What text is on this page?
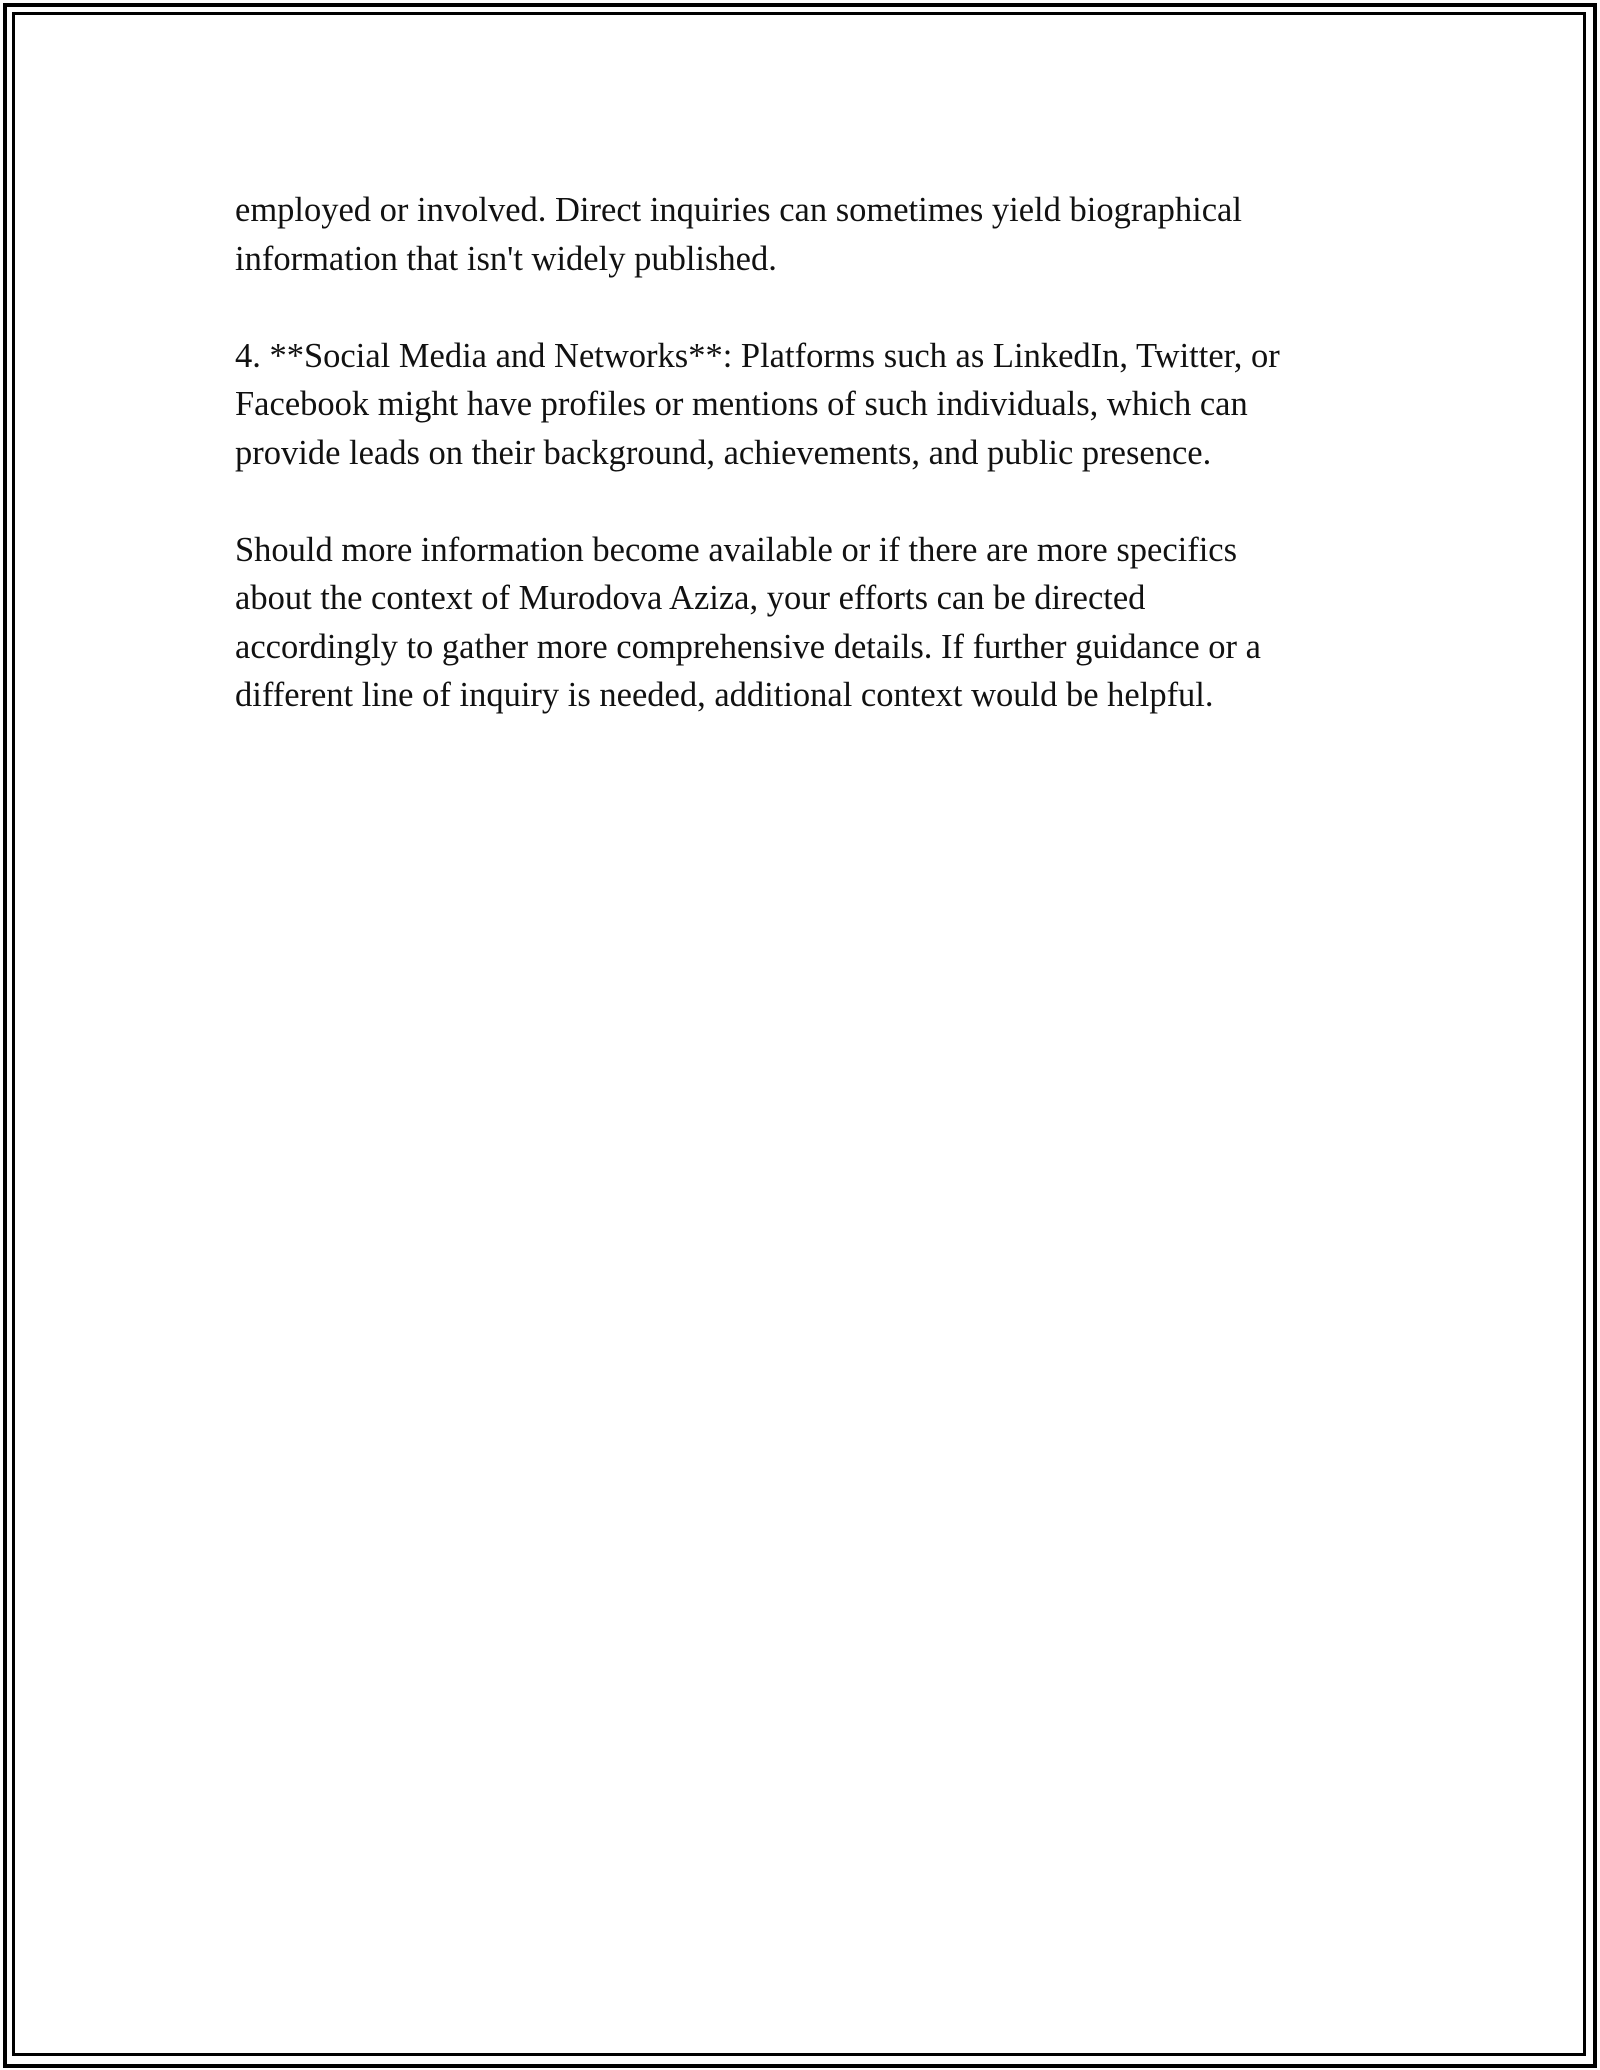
employed or involved. Direct inquiries can sometimes yield biographical
information that isn't widely published.

4. **Social Media and Networks**: Platforms such as LinkedIn, Twitter, or
Facebook might have profiles or mentions of such individuals, which can
provide leads on their background, achievements, and public presence.

Should more information become available or if there are more specifics
about the context of Murodova Aziza, your efforts can be directed
accordingly to gather more comprehensive details. If further guidance or a
different line of inquiry is needed, additional context would be helpful.
